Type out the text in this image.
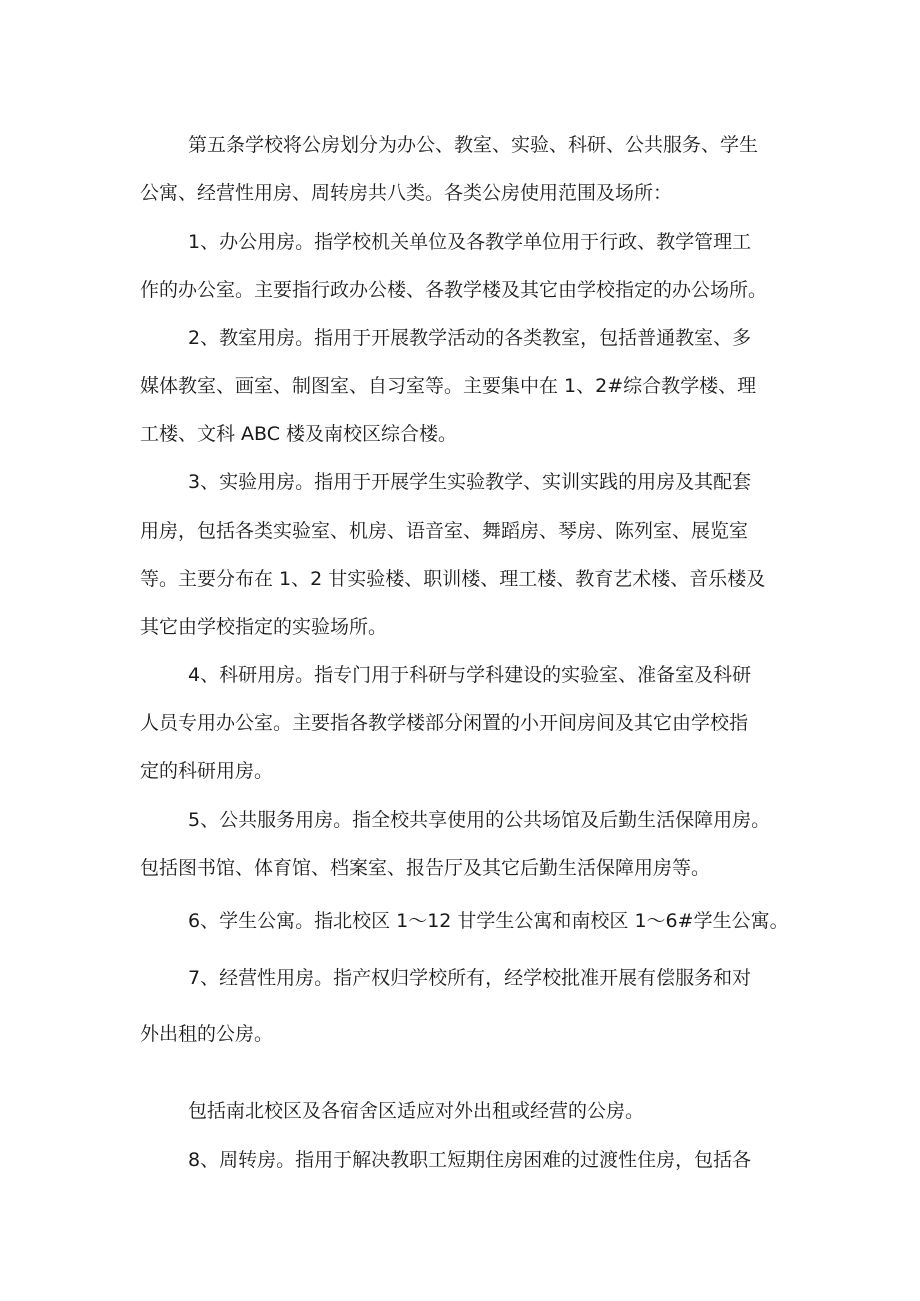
第五条学校将公房划分为办公、教室、实验、科研、公共服务、学生
公寓、经营性用房、周转房共八类。各类公房使用范围及场所：
1、办公用房。指学校机关单位及各教学单位用于行政、教学管理工
作的办公室。主要指行政办公楼、各教学楼及其它由学校指定的办公场所。
2、教室用房。指用于开展教学活动的各类教室，包括普通教室、多
媒体教室、画室、制图室、自习室等。主要集中在 1、2#综合教学楼、理
工楼、文科 ABC 楼及南校区综合楼。
3、实验用房。指用于开展学生实验教学、实训实践的用房及其配套
用房，包括各类实验室、机房、语音室、舞蹈房、琴房、陈列室、展览室
等。主要分布在 1、2 甘实验楼、职训楼、理工楼、教育艺术楼、音乐楼及
其它由学校指定的实验场所。
4、科研用房。指专门用于科研与学科建设的实验室、准备室及科研
人员专用办公室。主要指各教学楼部分闲置的小开间房间及其它由学校指
定的科研用房。
5、公共服务用房。指全校共享使用的公共场馆及后勤生活保障用房。
包括图书馆、体育馆、档案室、报告厅及其它后勤生活保障用房等。
6、学生公寓。指北校区 1～12 甘学生公寓和南校区 1～6#学生公寓。
7、经营性用房。指产权归学校所有，经学校批准开展有偿服务和对
外出租的公房。
包括南北校区及各宿舍区适应对外出租或经营的公房。
8、周转房。指用于解决教职工短期住房困难的过渡性住房，包括各
